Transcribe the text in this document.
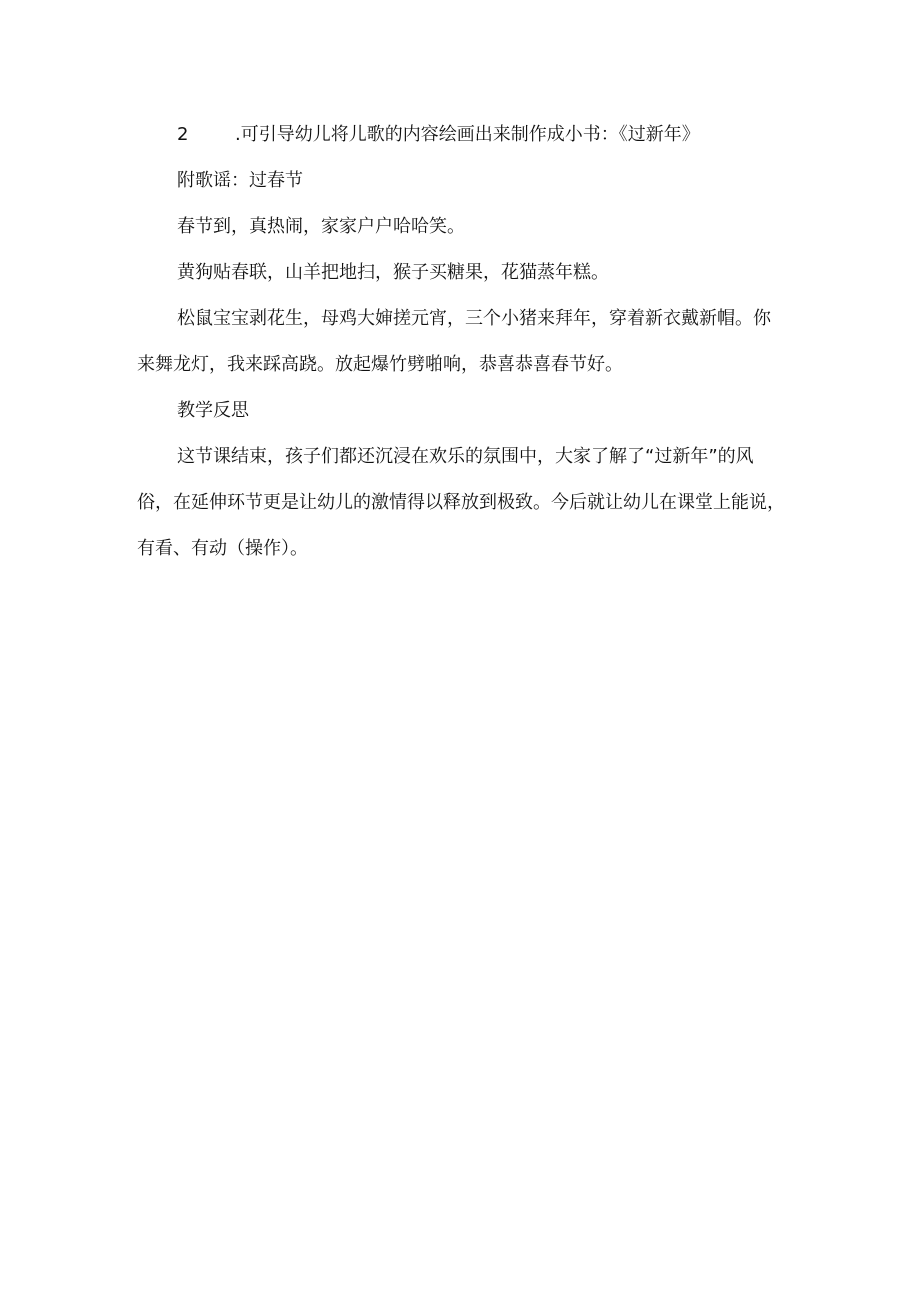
2	.可引导幼儿将儿歌的内容绘画出来制作成小书：《过新年》
附歌谣：过春节
春节到，真热闹，家家户户哈哈笑。
黄狗贴春联，山羊把地扫，猴子买糖果，花猫蒸年糕。
松鼠宝宝剥花生，母鸡大婶搓元宵，三个小猪来拜年，穿着新衣戴新帽。你
来舞龙灯，我来踩高跷。放起爆竹劈啪响，恭喜恭喜春节好。
教学反思
这节课结束，孩子们都还沉浸在欢乐的氛围中，大家了解了“过新年”的风
俗，在延伸环节更是让幼儿的激情得以释放到极致。今后就让幼儿在课堂上能说，
有看、有动（操作）。
